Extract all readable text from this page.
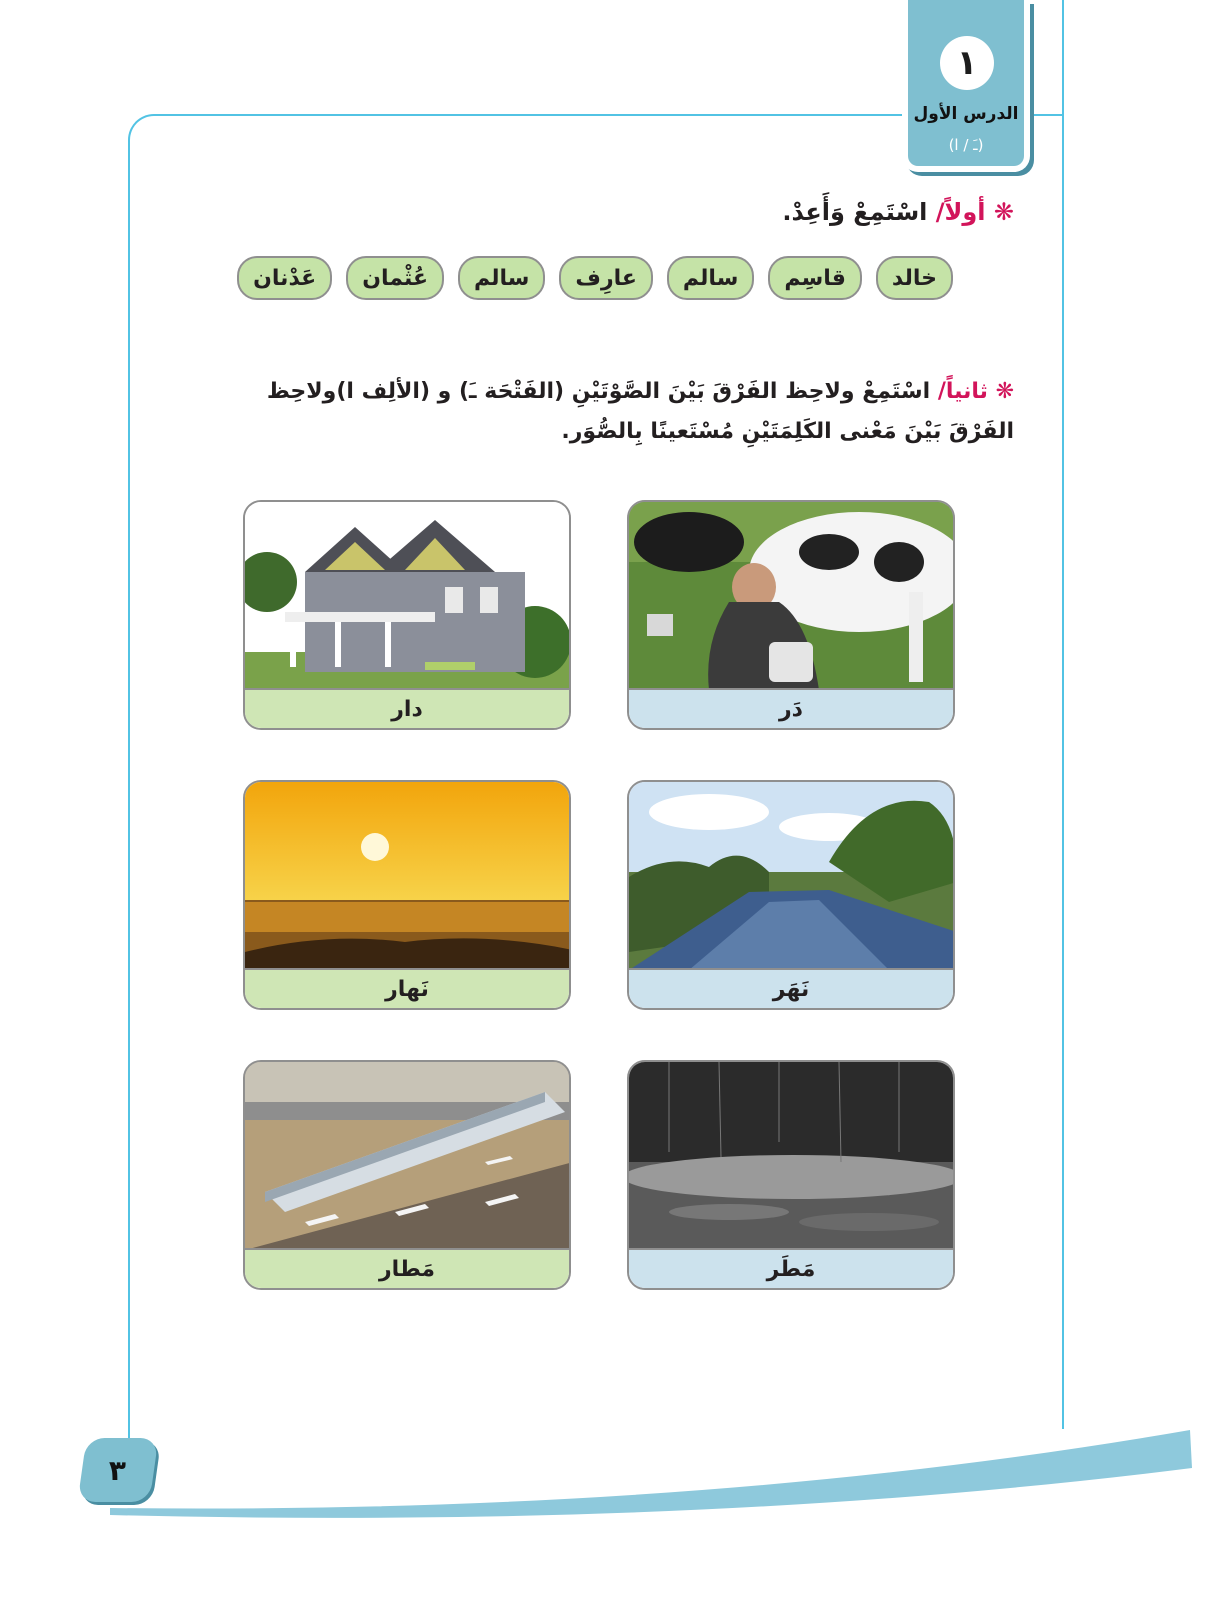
١
الدرس الأول
(ـَ / ا)
❋ أولاً/ اسْتَمِعْ وَأَعِدْ.
خالد
قاسِم
سالم
عارِف
سالم
عُثْمان
عَدْنان
❋ ثانياً/ اسْتَمِعْ ولاحِظ الفَرْقَ بَيْنَ الصَّوْتَيْنِ (الفَتْحَة ـَ) و (الألِف ا)ولاحِظ
الفَرْقَ بَيْنَ مَعْنى الكَلِمَتَيْنِ مُسْتَعينًا بِالصُّوَر.
دَر
دار
نَهَر
نَهار
مَطَر
مَطار
٣
